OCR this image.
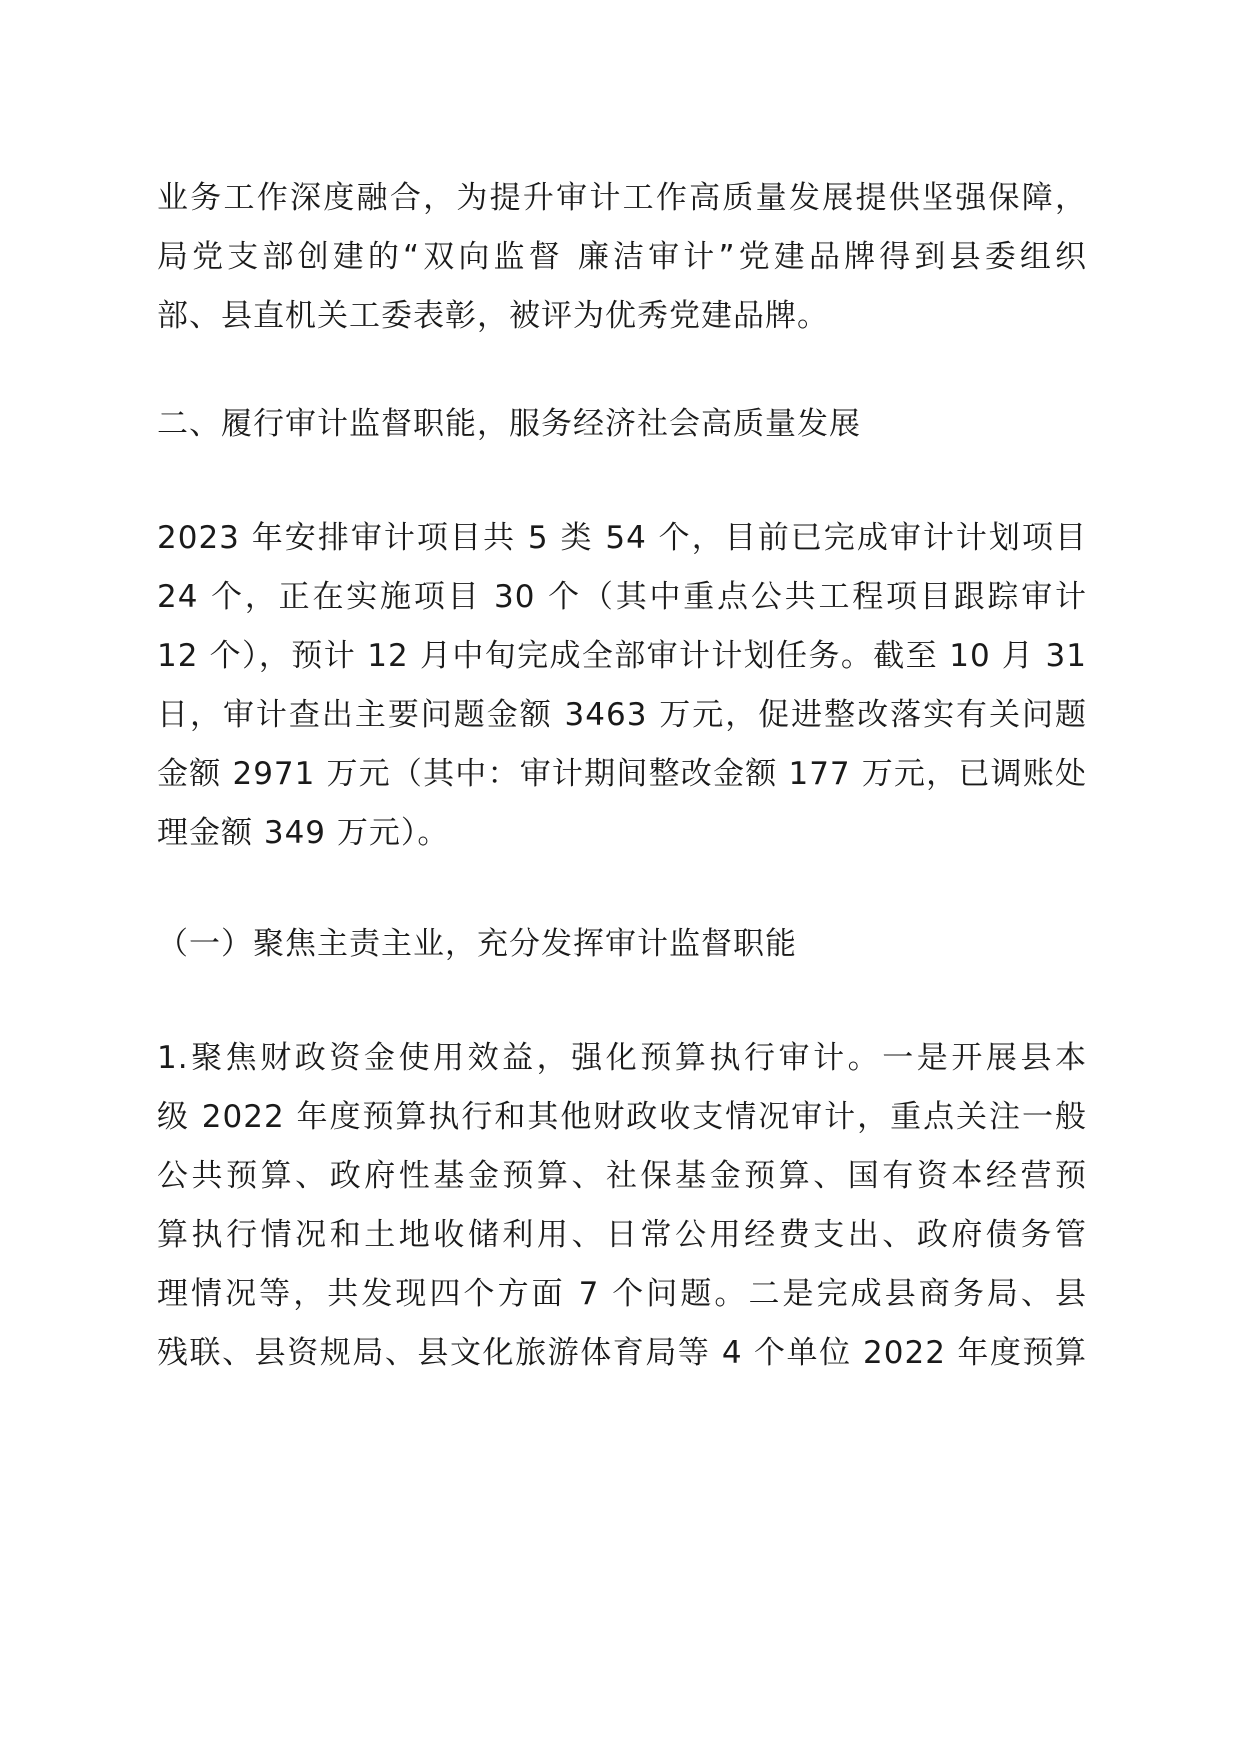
业务工作深度融合，为提升审计工作高质量发展提供坚强保障，
局党支部创建的“双向监督 廉洁审计”党建品牌得到县委组织
部、县直机关工委表彰，被评为优秀党建品牌。
二、履行审计监督职能，服务经济社会高质量发展
2023 年安排审计项目共 5 类 54 个，目前已完成审计计划项目
24 个，正在实施项目 30 个（其中重点公共工程项目跟踪审计
12 个），预计 12 月中旬完成全部审计计划任务。截至 10 月 31
日，审计查出主要问题金额 3463 万元，促进整改落实有关问题
金额 2971 万元（其中：审计期间整改金额 177 万元，已调账处
理金额 349 万元）。
（一）聚焦主责主业，充分发挥审计监督职能
1.聚焦财政资金使用效益，强化预算执行审计。一是开展县本
级 2022 年度预算执行和其他财政收支情况审计，重点关注一般
公共预算、政府性基金预算、社保基金预算、国有资本经营预
算执行情况和土地收储利用、日常公用经费支出、政府债务管
理情况等，共发现四个方面 7 个问题。二是完成县商务局、县
残联、县资规局、县文化旅游体育局等 4 个单位 2022 年度预算
